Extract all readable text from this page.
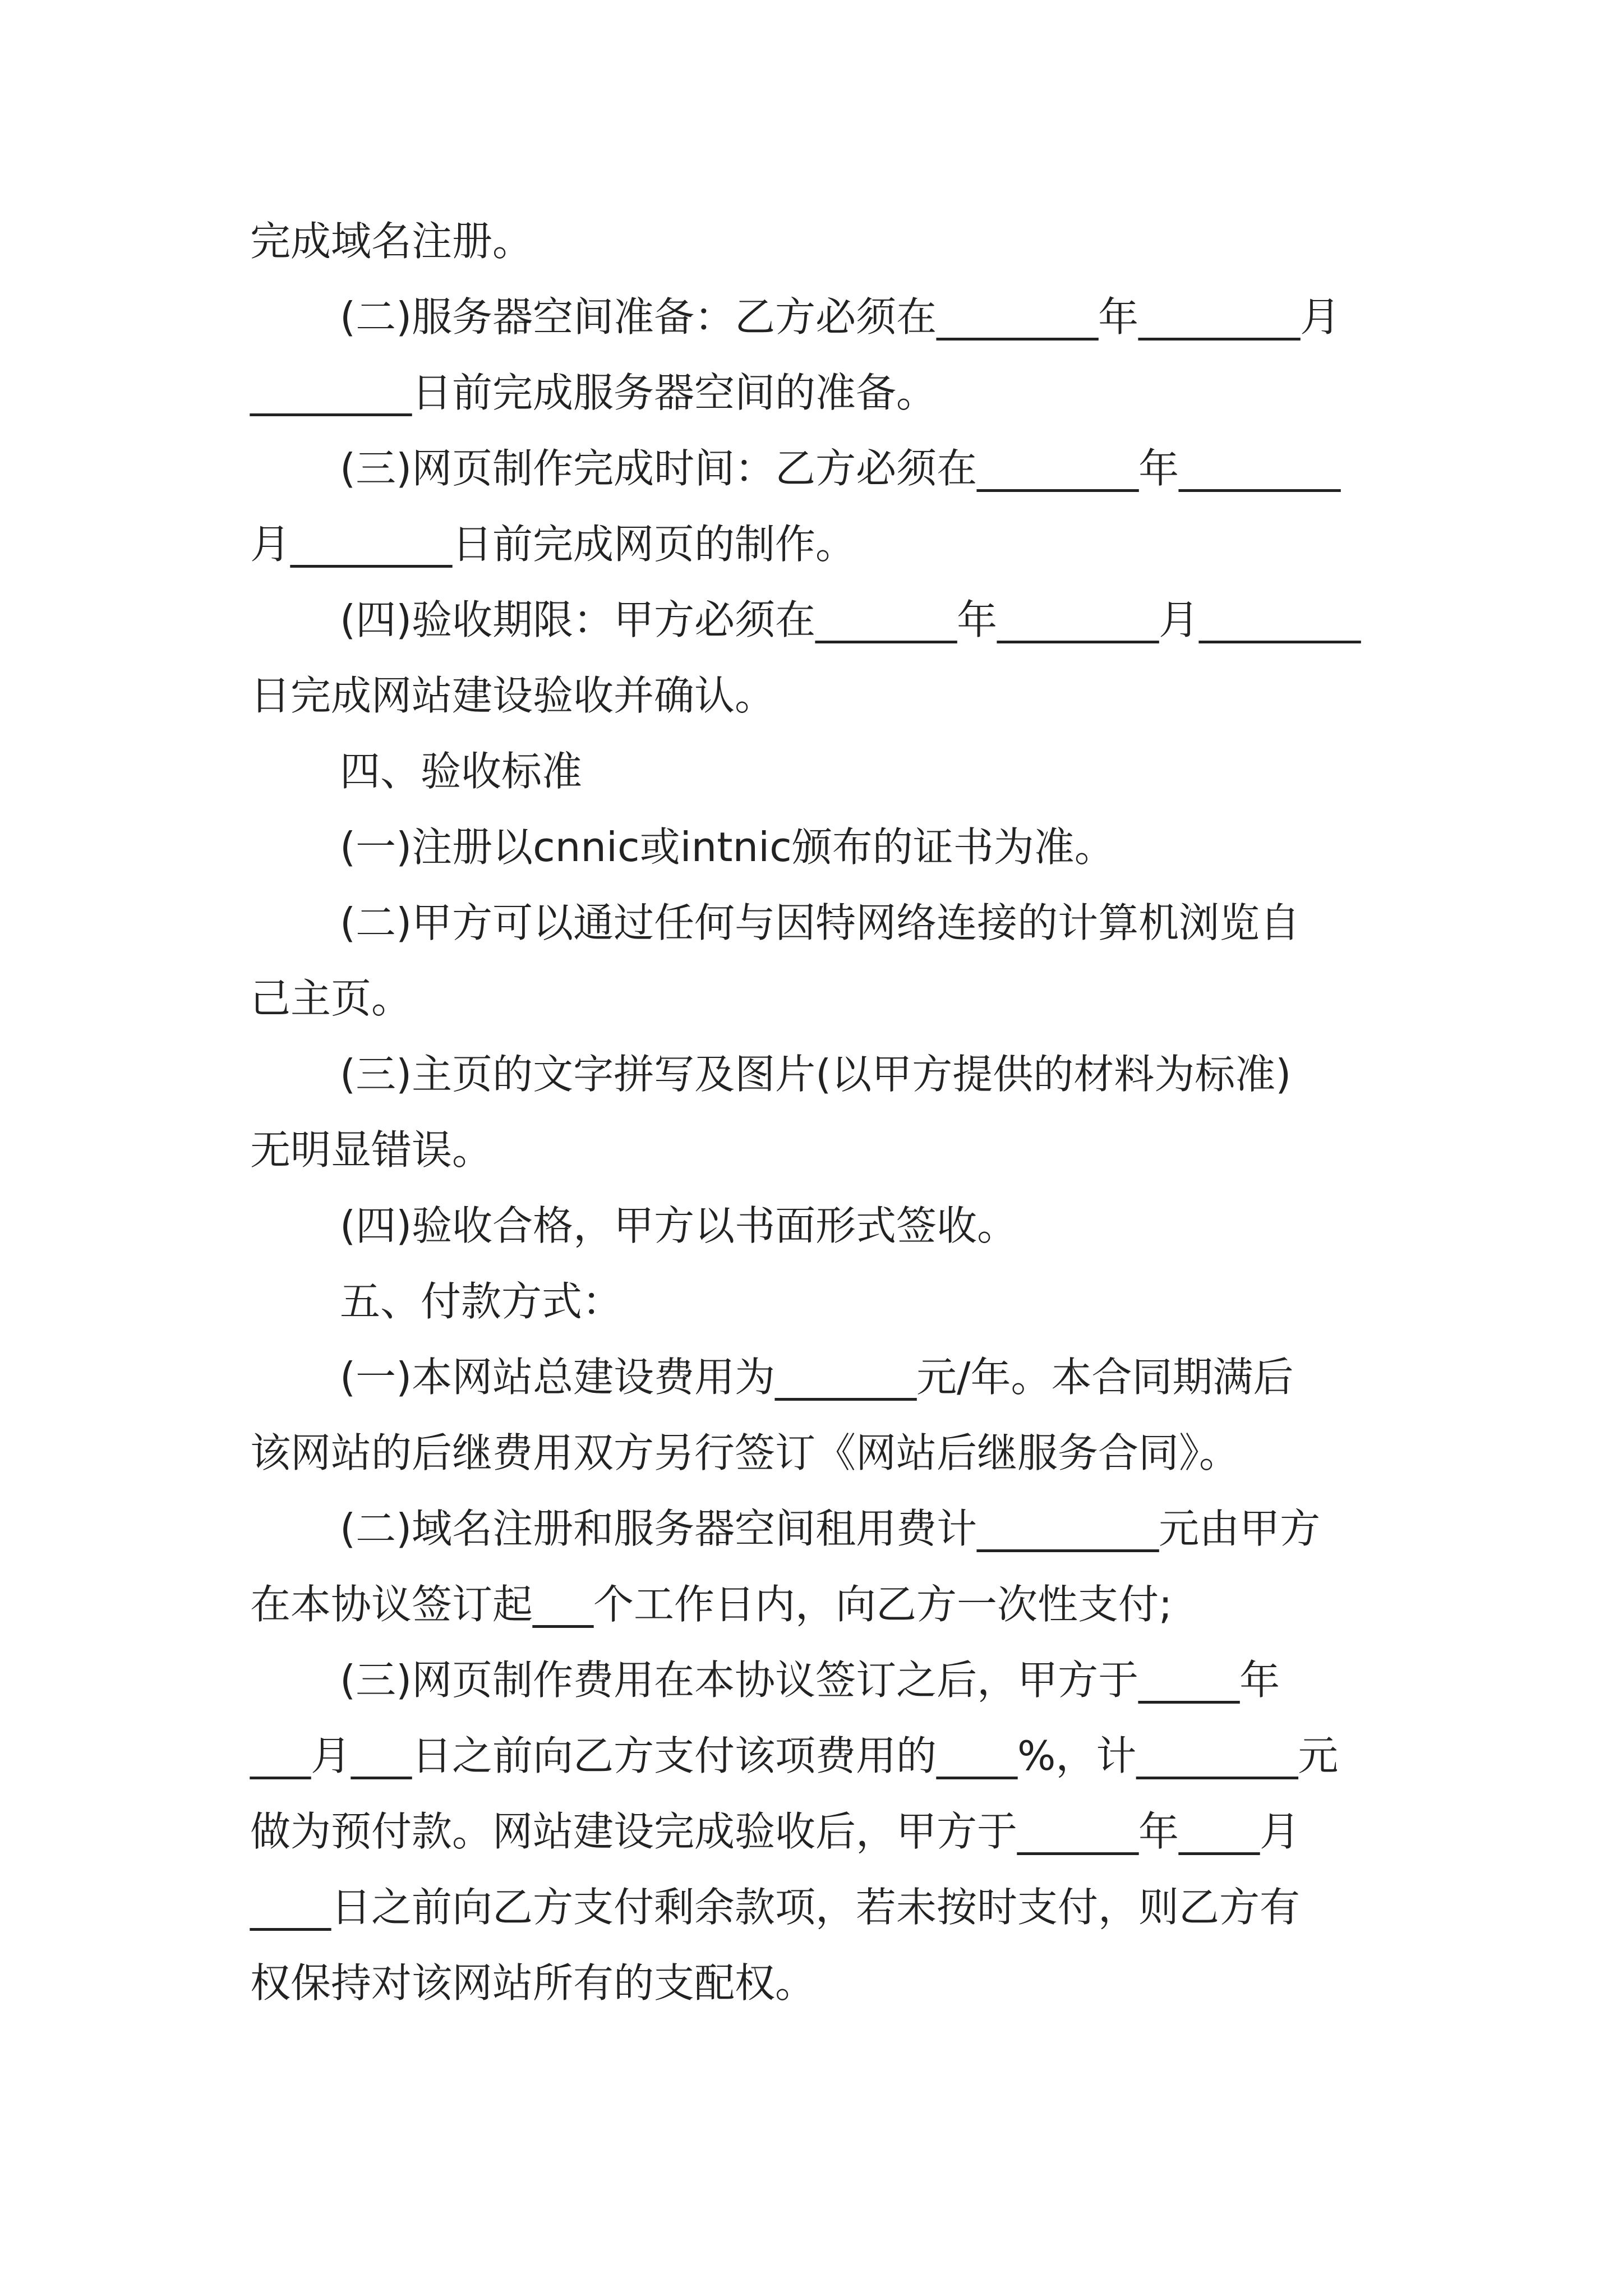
完成域名注册。
(二)服务器空间准备：乙方必须在________年________月
________日前完成服务器空间的准备。
(三)网页制作完成时间：乙方必须在________年________
月________日前完成网页的制作。
(四)验收期限：甲方必须在_______年________月________
日完成网站建设验收并确认。
四、验收标准
(一)注册以cnnic或intnic颁布的证书为准。
(二)甲方可以通过任何与因特网络连接的计算机浏览自
己主页。
(三)主页的文字拼写及图片(以甲方提供的材料为标准)
无明显错误。
(四)验收合格，甲方以书面形式签收。
五、付款方式：
(一)本网站总建设费用为_______元/年。本合同期满后
该网站的后继费用双方另行签订《网站后继服务合同》。
(二)域名注册和服务器空间租用费计_________元由甲方
在本协议签订起___个工作日内，向乙方一次性支付;
(三)网页制作费用在本协议签订之后，甲方于_____年
___月___日之前向乙方支付该项费用的____%，计________元
做为预付款。网站建设完成验收后，甲方于______年____月
____日之前向乙方支付剩余款项，若未按时支付，则乙方有
权保持对该网站所有的支配权。
